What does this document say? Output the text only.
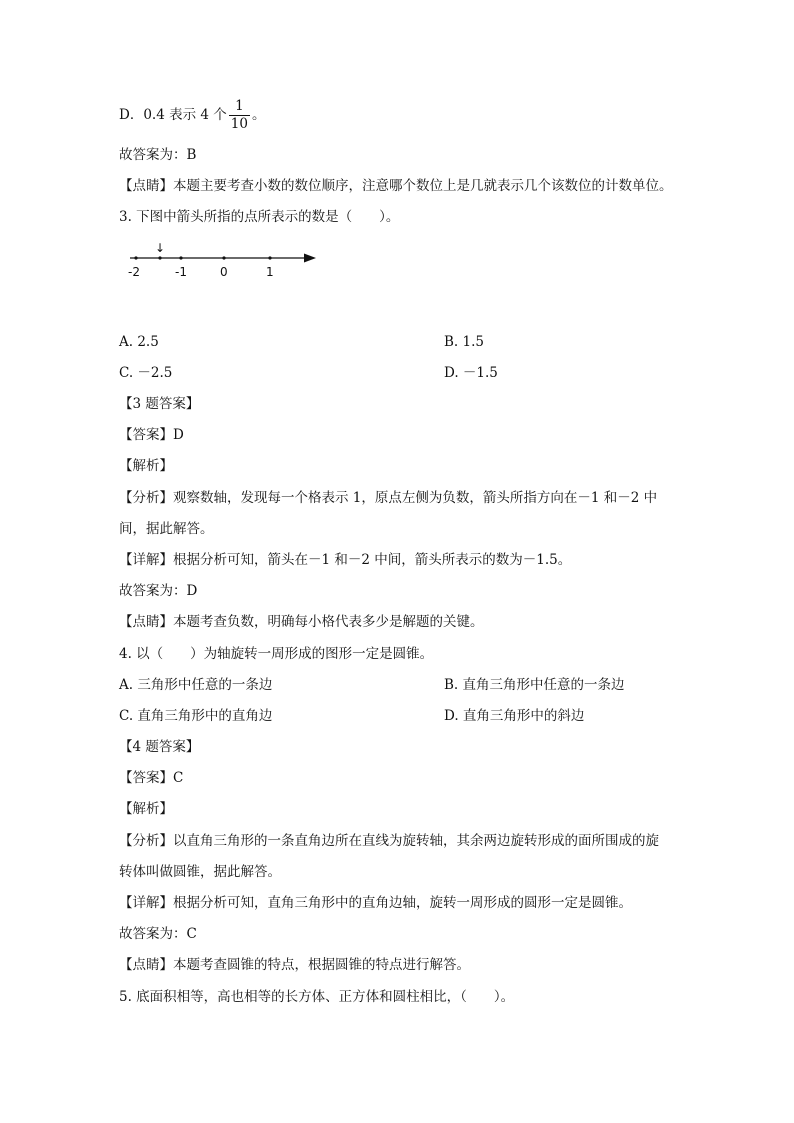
D．0.4 表示 4 个 $\frac{1}{10}$ 。
故答案为：B
【点睛】本题主要考查小数的数位顺序，注意哪个数位上是几就表示几个该数位的计数单位。
3. 下图中箭头所指的点所表示的数是（　　）。
↓
-2	-1	0	1
A. 2.5	B. 1.5
C. －2.5	D. －1.5
【3 题答案】
【答案】D
【解析】
【分析】观察数轴，发现每一个格表示 1，原点左侧为负数，箭头所指方向在－1 和－2 中
间，据此解答。
【详解】根据分析可知，箭头在－1 和－2 中间，箭头所表示的数为－1.5。
故答案为：D
【点睛】本题考查负数，明确每小格代表多少是解题的关键。
4. 以（　　）为轴旋转一周形成的图形一定是圆锥。
A. 三角形中任意的一条边	B. 直角三角形中任意的一条边
C. 直角三角形中的直角边	D. 直角三角形中的斜边
【4 题答案】
【答案】C
【解析】
【分析】以直角三角形的一条直角边所在直线为旋转轴，其余两边旋转形成的面所围成的旋
转体叫做圆锥，据此解答。
【详解】根据分析可知，直角三角形中的直角边轴，旋转一周形成的圆形一定是圆锥。
故答案为：C
【点睛】本题考查圆锥的特点，根据圆锥的特点进行解答。
5. 底面积相等，高也相等的长方体、正方体和圆柱相比，（　　）。
